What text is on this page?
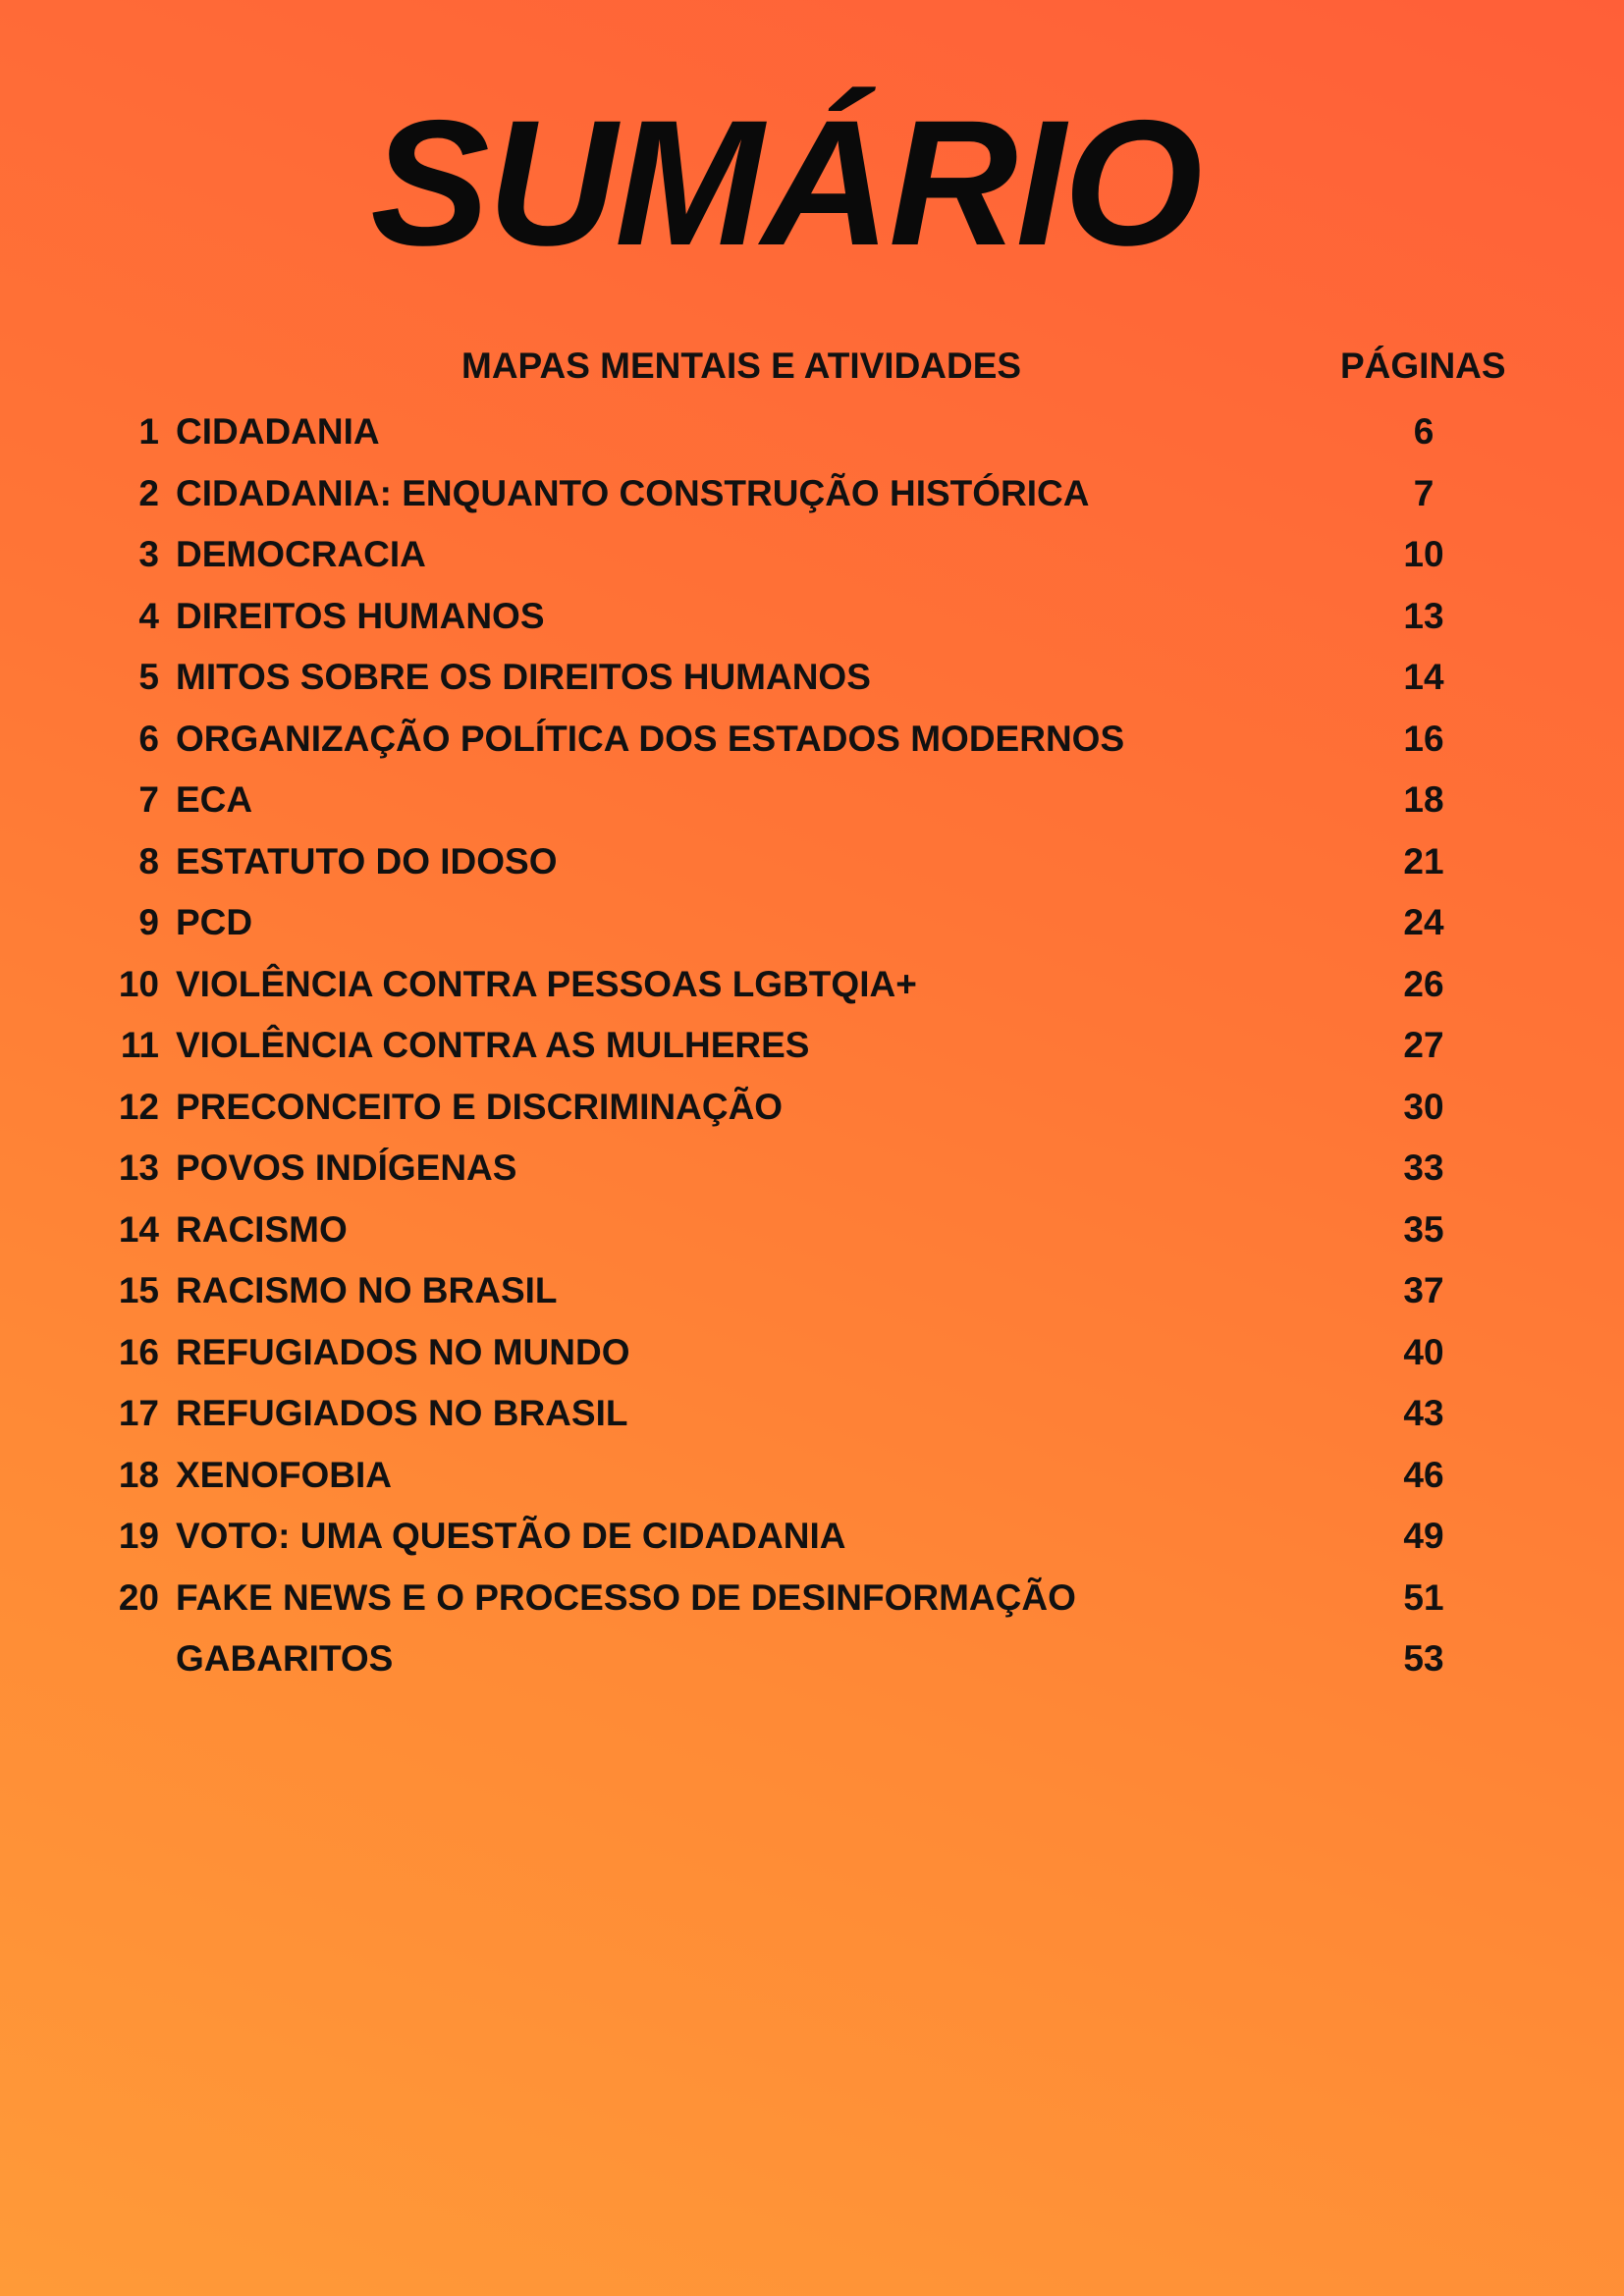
SUMÁRIO
MAPAS MENTAIS E ATIVIDADES	PÁGINAS
1 CIDADANIA	6
2 CIDADANIA: ENQUANTO CONSTRUÇÃO HISTÓRICA	7
3 DEMOCRACIA	10
4 DIREITOS HUMANOS	13
5 MITOS SOBRE OS DIREITOS HUMANOS	14
6 ORGANIZAÇÃO POLÍTICA DOS ESTADOS MODERNOS	16
7 ECA	18
8 ESTATUTO DO IDOSO	21
9 PCD	24
10 VIOLÊNCIA CONTRA PESSOAS LGBTQIA+	26
11 VIOLÊNCIA CONTRA AS MULHERES	27
12 PRECONCEITO E DISCRIMINAÇÃO	30
13 POVOS INDÍGENAS	33
14 RACISMO	35
15 RACISMO NO BRASIL	37
16 REFUGIADOS NO MUNDO	40
17 REFUGIADOS NO BRASIL	43
18 XENOFOBIA	46
19 VOTO: UMA QUESTÃO DE CIDADANIA	49
20 FAKE NEWS E O PROCESSO DE DESINFORMAÇÃO	51
GABARITOS	53
